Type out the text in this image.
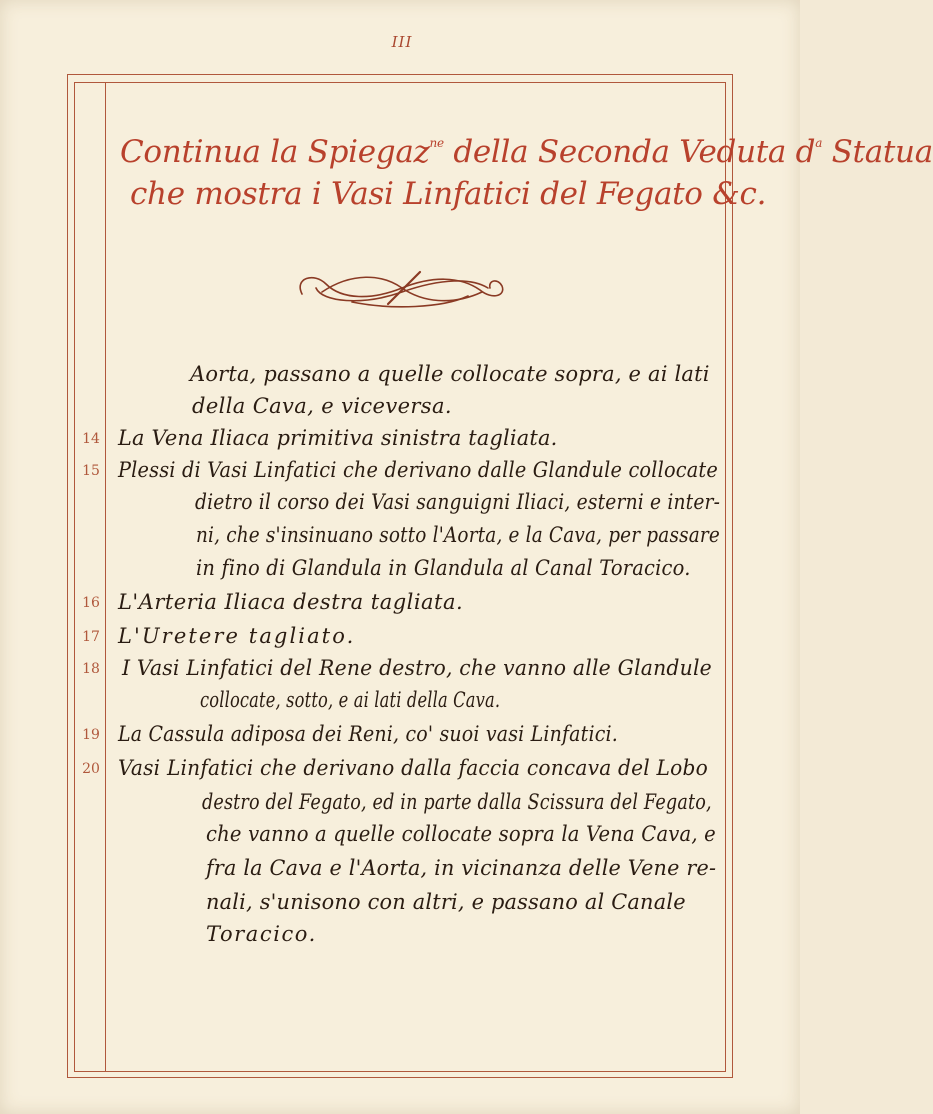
III
Continua la Spiegaz$^{ne}$ della Seconda Veduta $d^a$ Statua
che mostra i Vasi Linfatici del Fegato &c.
Aorta, passano a quelle collocate sopra, e ai lati
della Cava, e viceversa.
14 La Vena Iliaca primitiva sinistra tagliata.
15 Plessi di Vasi Linfatici che derivano dalle Glandule collocate
dietro il corso dei Vasi sanguigni Iliaci, esterni e inter-
ni, che s'insinuano sotto l'Aorta, e la Cava, per passare
in fino di Glandula in Glandula al Canal Toracico.
16 L'Arteria Iliaca destra tagliata.
17 L'Uretere tagliato.
18 I Vasi Linfatici del Rene destro, che vanno alle Glandule
collocate, sotto, e ai lati della Cava.
19 La Cassula adiposa dei Reni, co' suoi vasi Linfatici.
20 Vasi Linfatici che derivano dalla faccia concava del Lobo
destro del Fegato, ed in parte dalla Scissura del Fegato,
che vanno a quelle collocate sopra la Vena Cava, e
fra la Cava e l'Aorta, in vicinanza delle Vene re-
nali, s'unisono con altri, e passano al Canale
Toracico.
